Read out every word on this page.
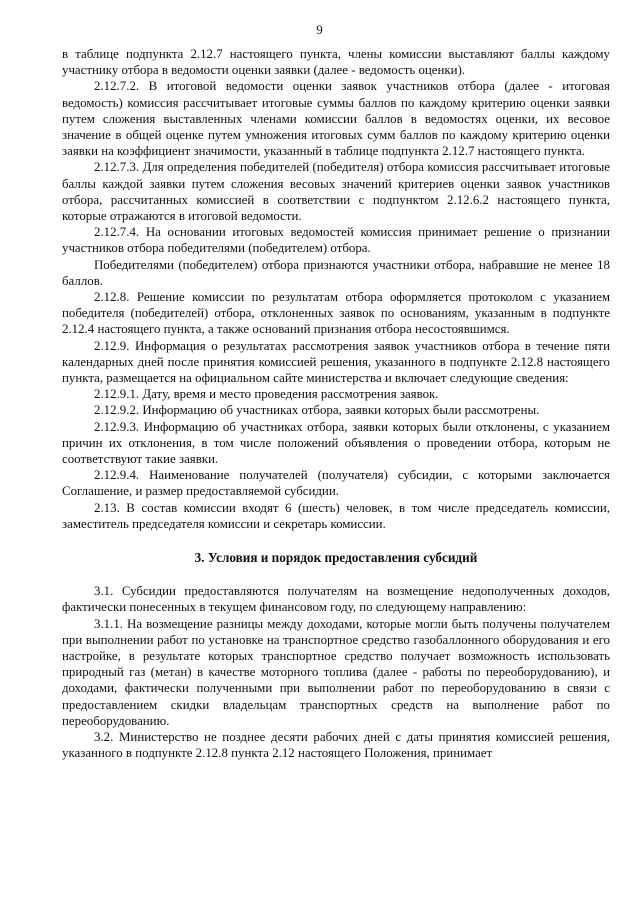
9

в таблице подпункта 2.12.7 настоящего пункта, члены комиссии выставляют баллы каждому участнику отбора в ведомости оценки заявки (далее - ведомость оценки).

2.12.7.2. В итоговой ведомости оценки заявок участников отбора (далее - итоговая ведомость) комиссия рассчитывает итоговые суммы баллов по каждому критерию оценки заявки путем сложения выставленных членами комиссии баллов в ведомостях оценки, их весовое значение в общей оценке путем умножения итоговых сумм баллов по каждому критерию оценки заявки на коэффициент значимости, указанный в таблице подпункта 2.12.7 настоящего пункта.

2.12.7.3. Для определения победителей (победителя) отбора комиссия рассчитывает итоговые баллы каждой заявки путем сложения весовых значений критериев оценки заявок участников отбора, рассчитанных комиссией в соответствии с подпунктом 2.12.6.2 настоящего пункта, которые отражаются в итоговой ведомости.

2.12.7.4. На основании итоговых ведомостей комиссия принимает решение о признании участников отбора победителями (победителем) отбора.

Победителями (победителем) отбора признаются участники отбора, набравшие не менее 18 баллов.

2.12.8. Решение комиссии по результатам отбора оформляется протоколом с указанием победителя (победителей) отбора, отклоненных заявок по основаниям, указанным в подпункте 2.12.4 настоящего пункта, а также оснований признания отбора несостоявшимся.

2.12.9. Информация о результатах рассмотрения заявок участников отбора в течение пяти календарных дней после принятия комиссией решения, указанного в подпункте 2.12.8 настоящего пункта, размещается на официальном сайте министерства и включает следующие сведения:

2.12.9.1. Дату, время и место проведения рассмотрения заявок.

2.12.9.2. Информацию об участниках отбора, заявки которых были рассмотрены.

2.12.9.3. Информацию об участниках отбора, заявки которых были отклонены, с указанием причин их отклонения, в том числе положений объявления о проведении отбора, которым не соответствуют такие заявки.

2.12.9.4. Наименование получателей (получателя) субсидии, с которыми заключается Соглашение, и размер предоставляемой субсидии.

2.13. В состав комиссии входят 6 (шесть) человек, в том числе председатель комиссии, заместитель председателя комиссии и секретарь комиссии.

3. Условия и порядок предоставления субсидий

3.1. Субсидии предоставляются получателям на возмещение недополученных доходов, фактически понесенных в текущем финансовом году, по следующему направлению:

3.1.1. На возмещение разницы между доходами, которые могли быть получены получателем при выполнении работ по установке на транспортное средство газобаллонного оборудования и его настройке, в результате которых транспортное средство получает возможность использовать природный газ (метан) в качестве моторного топлива (далее - работы по переоборудованию), и доходами, фактически полученными при выполнении работ по переоборудованию в связи с предоставлением скидки владельцам транспортных средств на выполнение работ по переоборудованию.

3.2. Министерство не позднее десяти рабочих дней с даты принятия комиссией решения, указанного в подпункте 2.12.8 пункта 2.12 настоящего Положения, принимает
